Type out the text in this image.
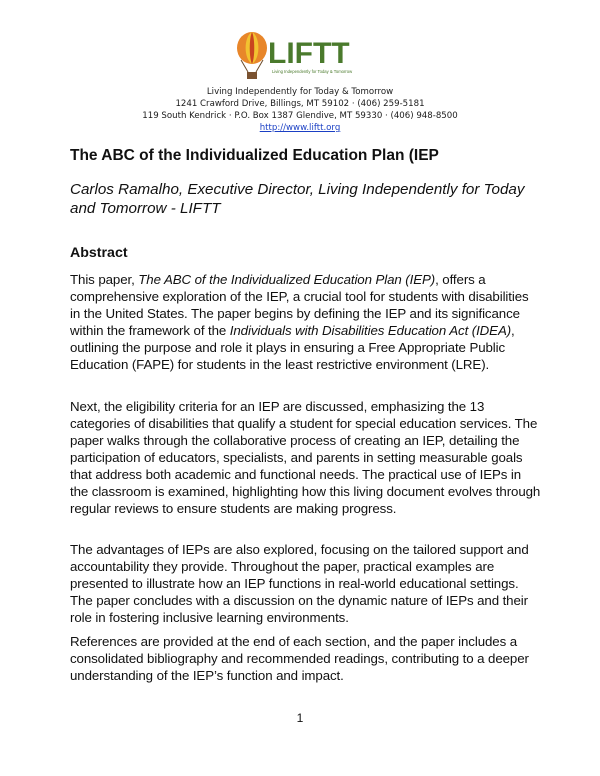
LIFTT
Living Independently for Today & Tomorrow
Living Independently for Today & Tomorrow
1241 Crawford Drive, Billings, MT 59102 · (406) 259-5181
119 South Kendrick · P.O. Box 1387 Glendive, MT 59330 · (406) 948-8500
http://www.liftt.org
The ABC of the Individualized Education Plan (IEP

Carlos Ramalho, Executive Director, Living Independently for Today and Tomorrow - LIFTT

Abstract

This paper, The ABC of the Individualized Education Plan (IEP), offers a comprehensive exploration of the IEP, a crucial tool for students with disabilities in the United States. The paper begins by defining the IEP and its significance within the framework of the Individuals with Disabilities Education Act (IDEA), outlining the purpose and role it plays in ensuring a Free Appropriate Public Education (FAPE) for students in the least restrictive environment (LRE).

Next, the eligibility criteria for an IEP are discussed, emphasizing the 13 categories of disabilities that qualify a student for special education services. The paper walks through the collaborative process of creating an IEP, detailing the participation of educators, specialists, and parents in setting measurable goals that address both academic and functional needs. The practical use of IEPs in the classroom is examined, highlighting how this living document evolves through regular reviews to ensure students are making progress.

The advantages of IEPs are also explored, focusing on the tailored support and accountability they provide. Throughout the paper, practical examples are presented to illustrate how an IEP functions in real-world educational settings. The paper concludes with a discussion on the dynamic nature of IEPs and their role in fostering inclusive learning environments.

References are provided at the end of each section, and the paper includes a consolidated bibliography and recommended readings, contributing to a deeper understanding of the IEP’s function and impact.

1
